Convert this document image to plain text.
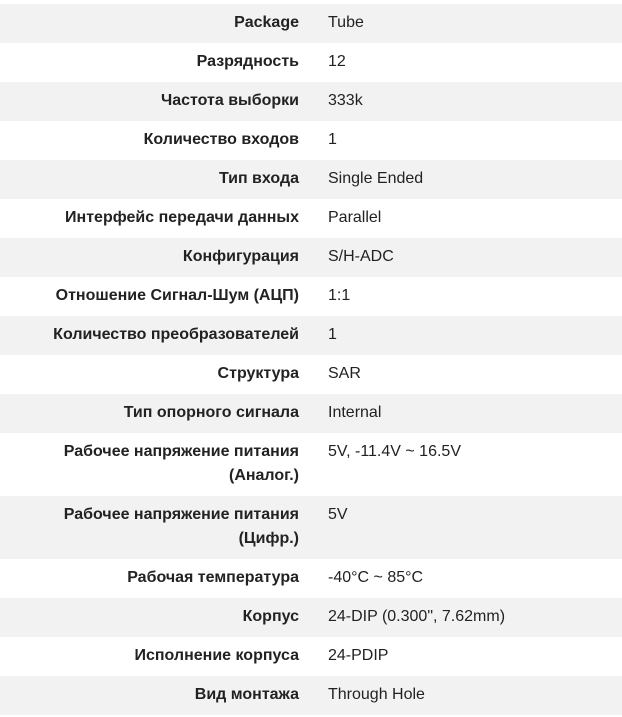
Package	Tube
Разрядность	12
Частота выборки	333k
Количество входов	1
Тип входа	Single Ended
Интерфейс передачи данных	Parallel
Конфигурация	S/H-ADC
Отношение Сигнал-Шум (АЦП)	1:1
Количество преобразователей	1
Структура	SAR
Тип опорного сигнала	Internal
Рабочее напряжение питания (Аналог.)	5V, -11.4V ~ 16.5V
Рабочее напряжение питания (Цифр.)	5V
Рабочая температура	-40°C ~ 85°C
Корпус	24-DIP (0.300", 7.62mm)
Исполнение корпуса	24-PDIP
Вид монтажа	Through Hole
